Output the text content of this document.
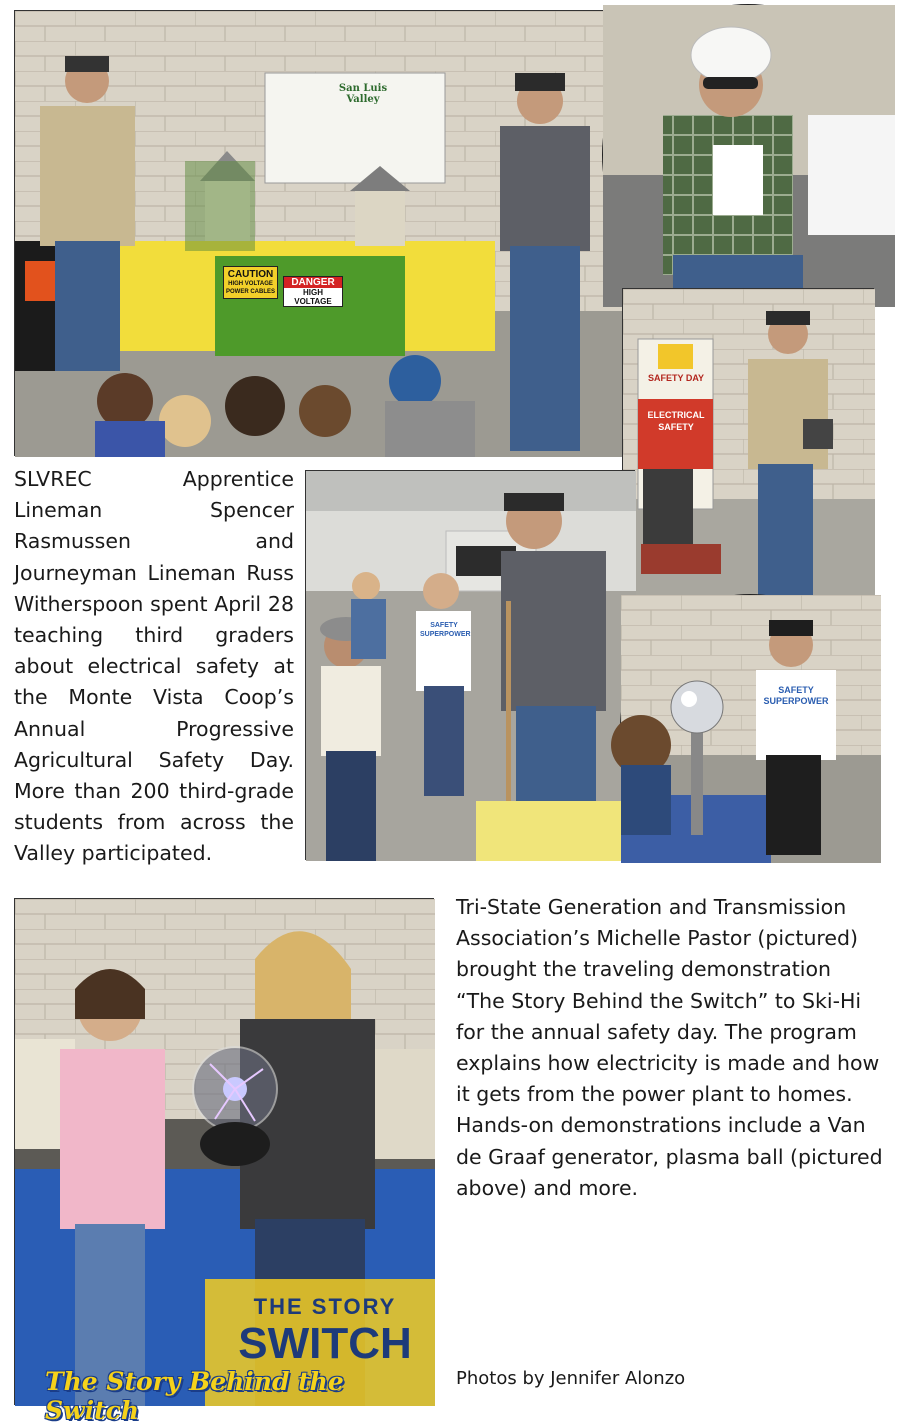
CAUTION
HIGH VOLTAGE POWER CABLES
DANGER
HIGH VOLTAGE
San Luis Valley
SAFETY DAY
ELECTRICAL SAFETY
SLVREC Apprentice Lineman Spencer Rasmussen and Journeyman Lineman Russ Witherspoon spent April 28 teaching third graders about electrical safety at the Monte Vista Coop’s Annual Progressive Agricultural Safety Day. More than 200 third-grade students from across the Valley participated.
SAFETY SUPERPOWER
SAFETY SUPERPOWER
THE STORY
SWITCH
The Story Behind the Switch
Tri-State Generation and Transmission Association’s Michelle Pastor (pictured) brought the traveling demonstration “The Story Behind the Switch” to Ski-Hi for the annual safety day. The program explains how electricity is made and how it gets from the power plant to homes. Hands-on demonstrations include a Van de Graaf generator, plasma ball (pictured above) and more.
Photos by Jennifer Alonzo
